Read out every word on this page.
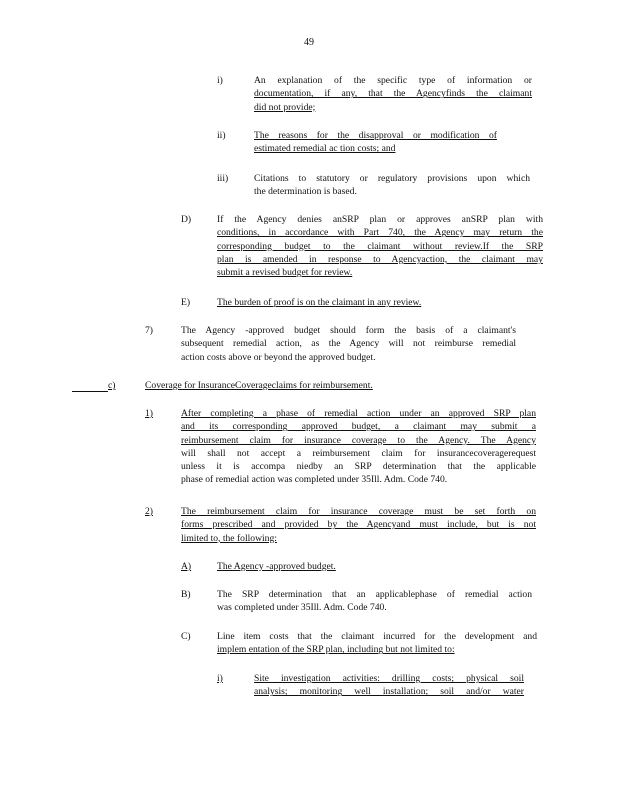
49
i)	An explanation of the specific type of information or
documentation, if any, that the Agencyfinds the claimant
did not provide;
ii)	The reasons for the disapproval or modification of
estimated remedial ac tion costs; and
iii)	Citations to statutory or regulatory provisions upon which
the determination is based.
D)	If the Agency denies anSRP plan or approves anSRP plan with
conditions, in accordance with Part 740, the Agency may return the
corresponding budget to the claimant without review.If the SRP
plan is amended in response to Agencyaction, the claimant may
submit a revised budget for review.
E)	The burden of proof is on the claimant in any review.
7)	The Agency -approved budget should form the basis of a claimant's
subsequent remedial action, as the Agency will not reimburse remedial
action costs above or beyond the approved budget.
c)	Coverage for InsuranceCoverageclaims for reimbursement.
1)	After completing a phase of remedial action under an approved SRP plan
and its corresponding approved budget, a claimant may submit a
reimbursement claim for insurance coverage to the Agency. The Agency
will shall not accept a reimbursement claim for insurancecoveragerequest
unless it is accompa niedby an SRP determination that the applicable
phase of remedial action was completed under 35Ill. Adm. Code 740.
2)	The reimbursement claim for insurance coverage must be set forth on
forms prescribed and provided by the Agencyand must include, but is not
limited to, the following:
A)	The Agency -approved budget.
B)	The SRP determination that an applicablephase of remedial action
was completed under 35Ill. Adm. Code 740.
C)	Line item costs that the claimant incurred for the development and
implem entation of the SRP plan, including but not limited to:
i)	Site investigation activities: drilling costs; physical soil
analysis; monitoring well installation; soil and/or water
